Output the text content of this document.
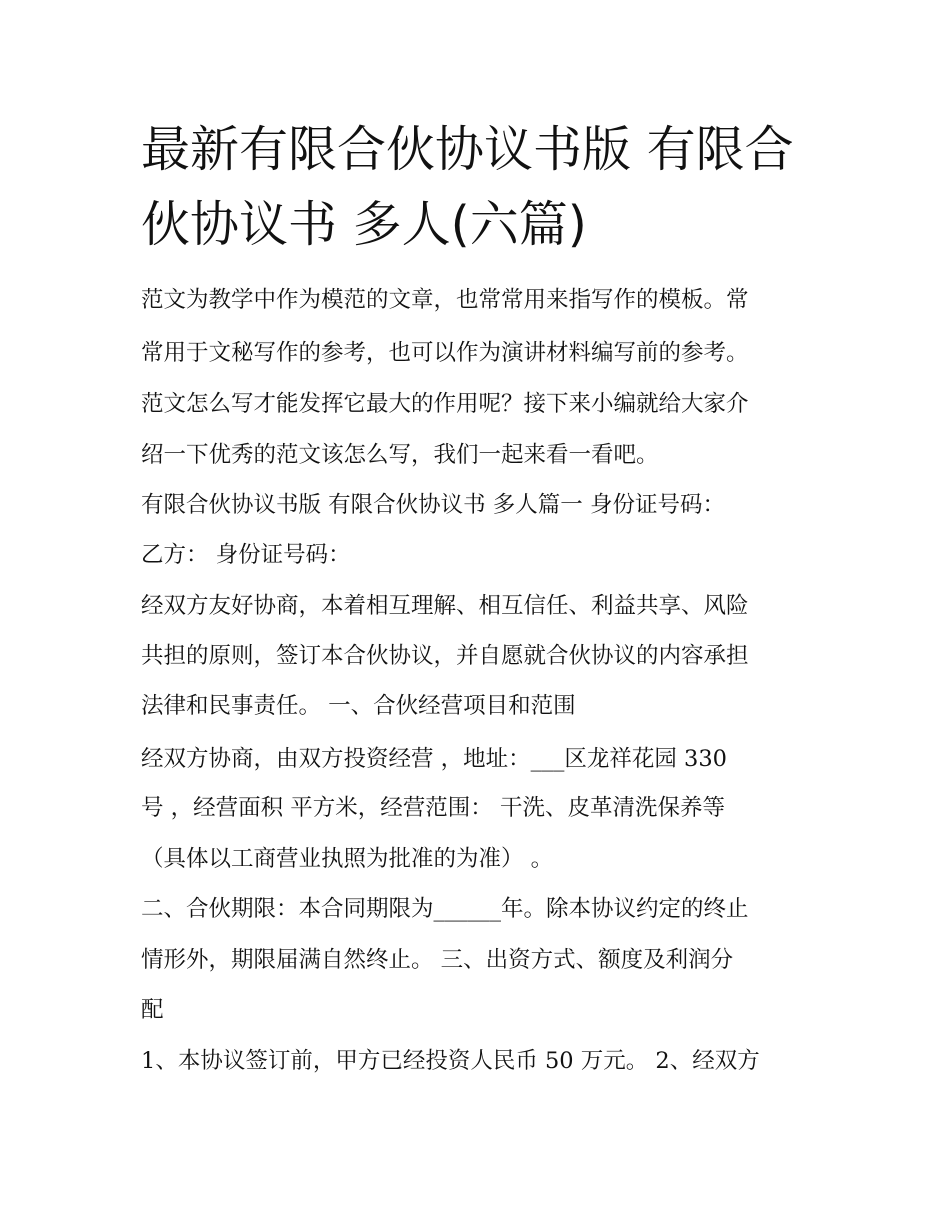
最新有限合伙协议书版 有限合
伙协议书 多人(六篇)

范文为教学中作为模范的文章，也常常用来指写作的模板。常

常用于文秘写作的参考，也可以作为演讲材料编写前的参考。

范文怎么写才能发挥它最大的作用呢？接下来小编就给大家介

绍一下优秀的范文该怎么写，我们一起来看一看吧。

有限合伙协议书版 有限合伙协议书 多人篇一 身份证号码：

乙方： 身份证号码：

经双方友好协商，本着相互理解、相互信任、利益共享、风险

共担的原则，签订本合伙协议，并自愿就合伙协议的内容承担

法律和民事责任。 一、合伙经营项目和范围

经双方协商，由双方投资经营 ，地址：___区龙祥花园 330

号 ，经营面积 平方米，经营范围： 干洗、皮革清洗保养等

（具体以工商营业执照为批准的为准） 。

二、合伙期限：本合同期限为______年。除本协议约定的终止

情形外，期限届满自然终止。 三、出资方式、额度及利润分

配

1、本协议签订前，甲方已经投资人民币 50 万元。 2、经双方
